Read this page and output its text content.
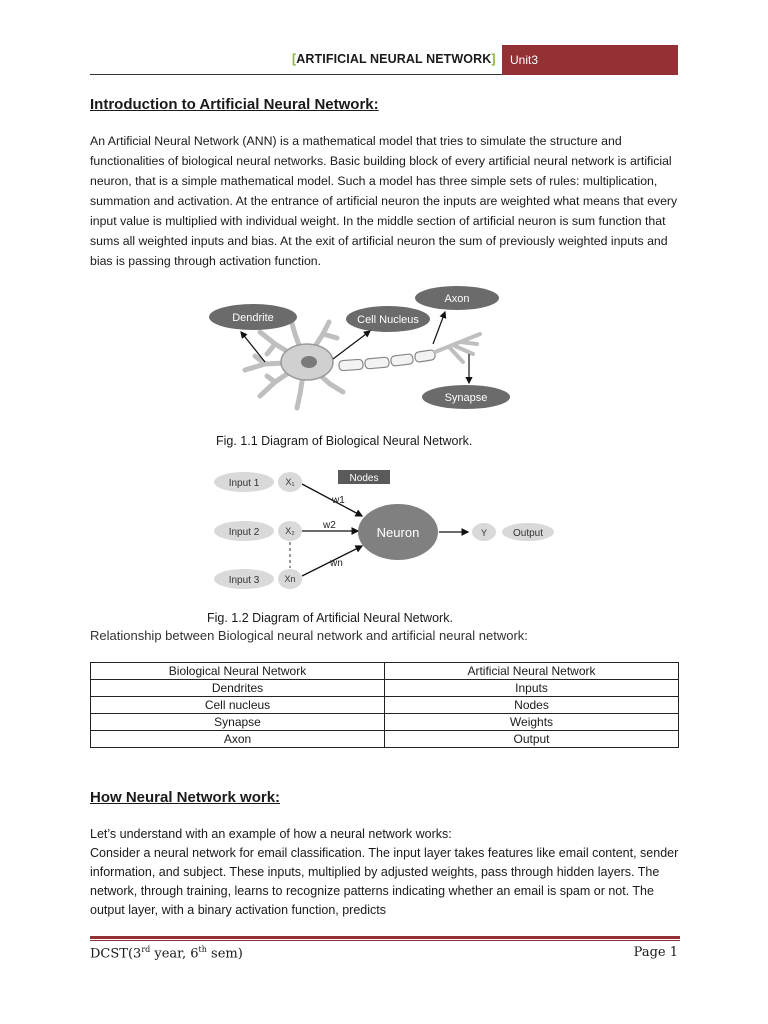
[ARTIFICIAL NEURAL NETWORK]	Unit3
Introduction to Artificial Neural Network:

An Artificial Neural Network (ANN) is a mathematical model that tries to simulate the structure and functionalities of biological neural networks. Basic building block of every artificial neural network is artificial neuron, that is a simple mathematical model. Such a model has three simple sets of rules: multiplication, summation and activation. At the entrance of artificial neuron the inputs are weighted what means that every input value is multiplied with individual weight. In the middle section of artificial neuron is sum function that sums all weighted inputs and bias. At the exit of artificial neuron the sum of previously weighted inputs and bias is passing through activation function.

Dendrite	Cell Nucleus
Axon
Synapse
Fig. 1.1 Diagram of Biological Neural Network.
Input 1
Input 2
Input 3
X₁
X₂
Xn
Nodes
w1
w2
wn
Neuron	Y	Output
Fig. 1.2 Diagram of Artificial Neural Network.
Relationship between Biological neural network and artificial neural network:
Biological Neural Network	Artificial Neural Network
Dendrites	Inputs
Cell nucleus	Nodes
Synapse	Weights
Axon	Output
How Neural Network work:
Let’s understand with an example of how a neural network works:
Consider a neural network for email classification. The input layer takes features like email content, sender information, and subject. These inputs, multiplied by adjusted weights, pass through hidden layers. The network, through training, learns to recognize patterns indicating whether an email is spam or not. The output layer, with a binary activation function, predicts
DCST(3rd year, 6th sem)	Page 1
